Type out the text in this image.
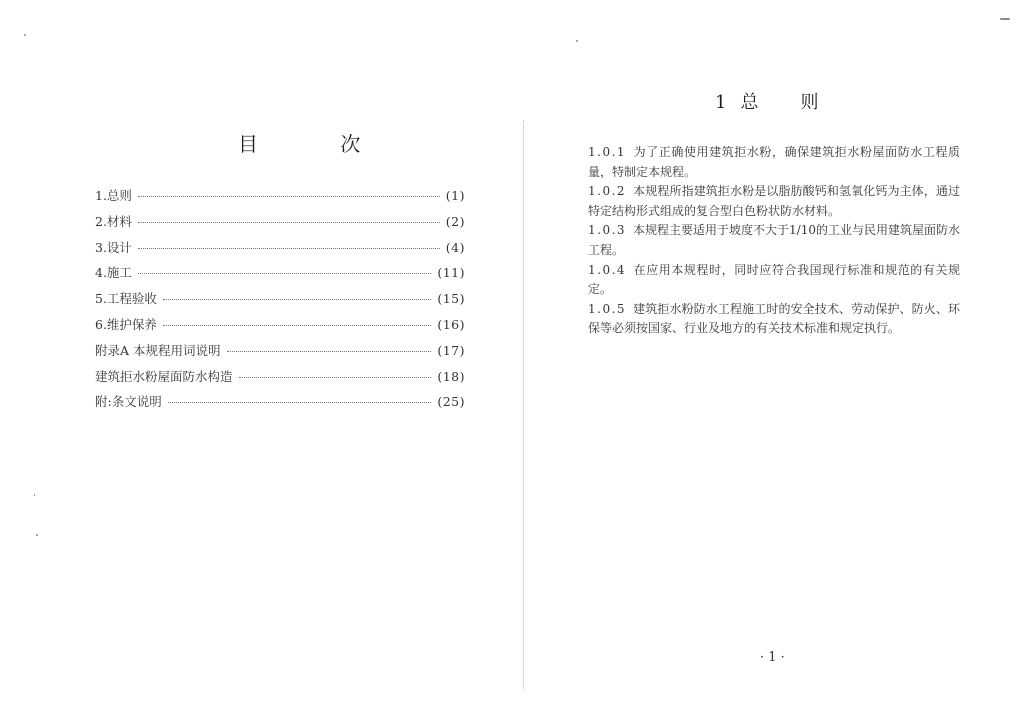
目 次
1.总则	(1)
2.材料	(2)
3.设计	(4)
4.施工	(11)
5.工程验收	(15)
6.维护保养	(16)
附录A 本规程用词说明	(17)
建筑拒水粉屋面防水构造	(18)
附:条文说明	(25)
1 总 则

1.0.1 为了正确使用建筑拒水粉，确保建筑拒水粉屋面防水工程质量，特制定本规程。

1.0.2 本规程所指建筑拒水粉是以脂肪酸钙和氢氧化钙为主体，通过特定结构形式组成的复合型白色粉状防水材料。

1.0.3 本规程主要适用于坡度不大于1/10的工业与民用建筑屋面防水工程。

1.0.4 在应用本规程时，同时应符合我国现行标准和规范的有关规定。

1.0.5 建筑拒水粉防水工程施工时的安全技术、劳动保护、防火、环保等必须按国家、行业及地方的有关技术标准和规定执行。

· 1 ·
